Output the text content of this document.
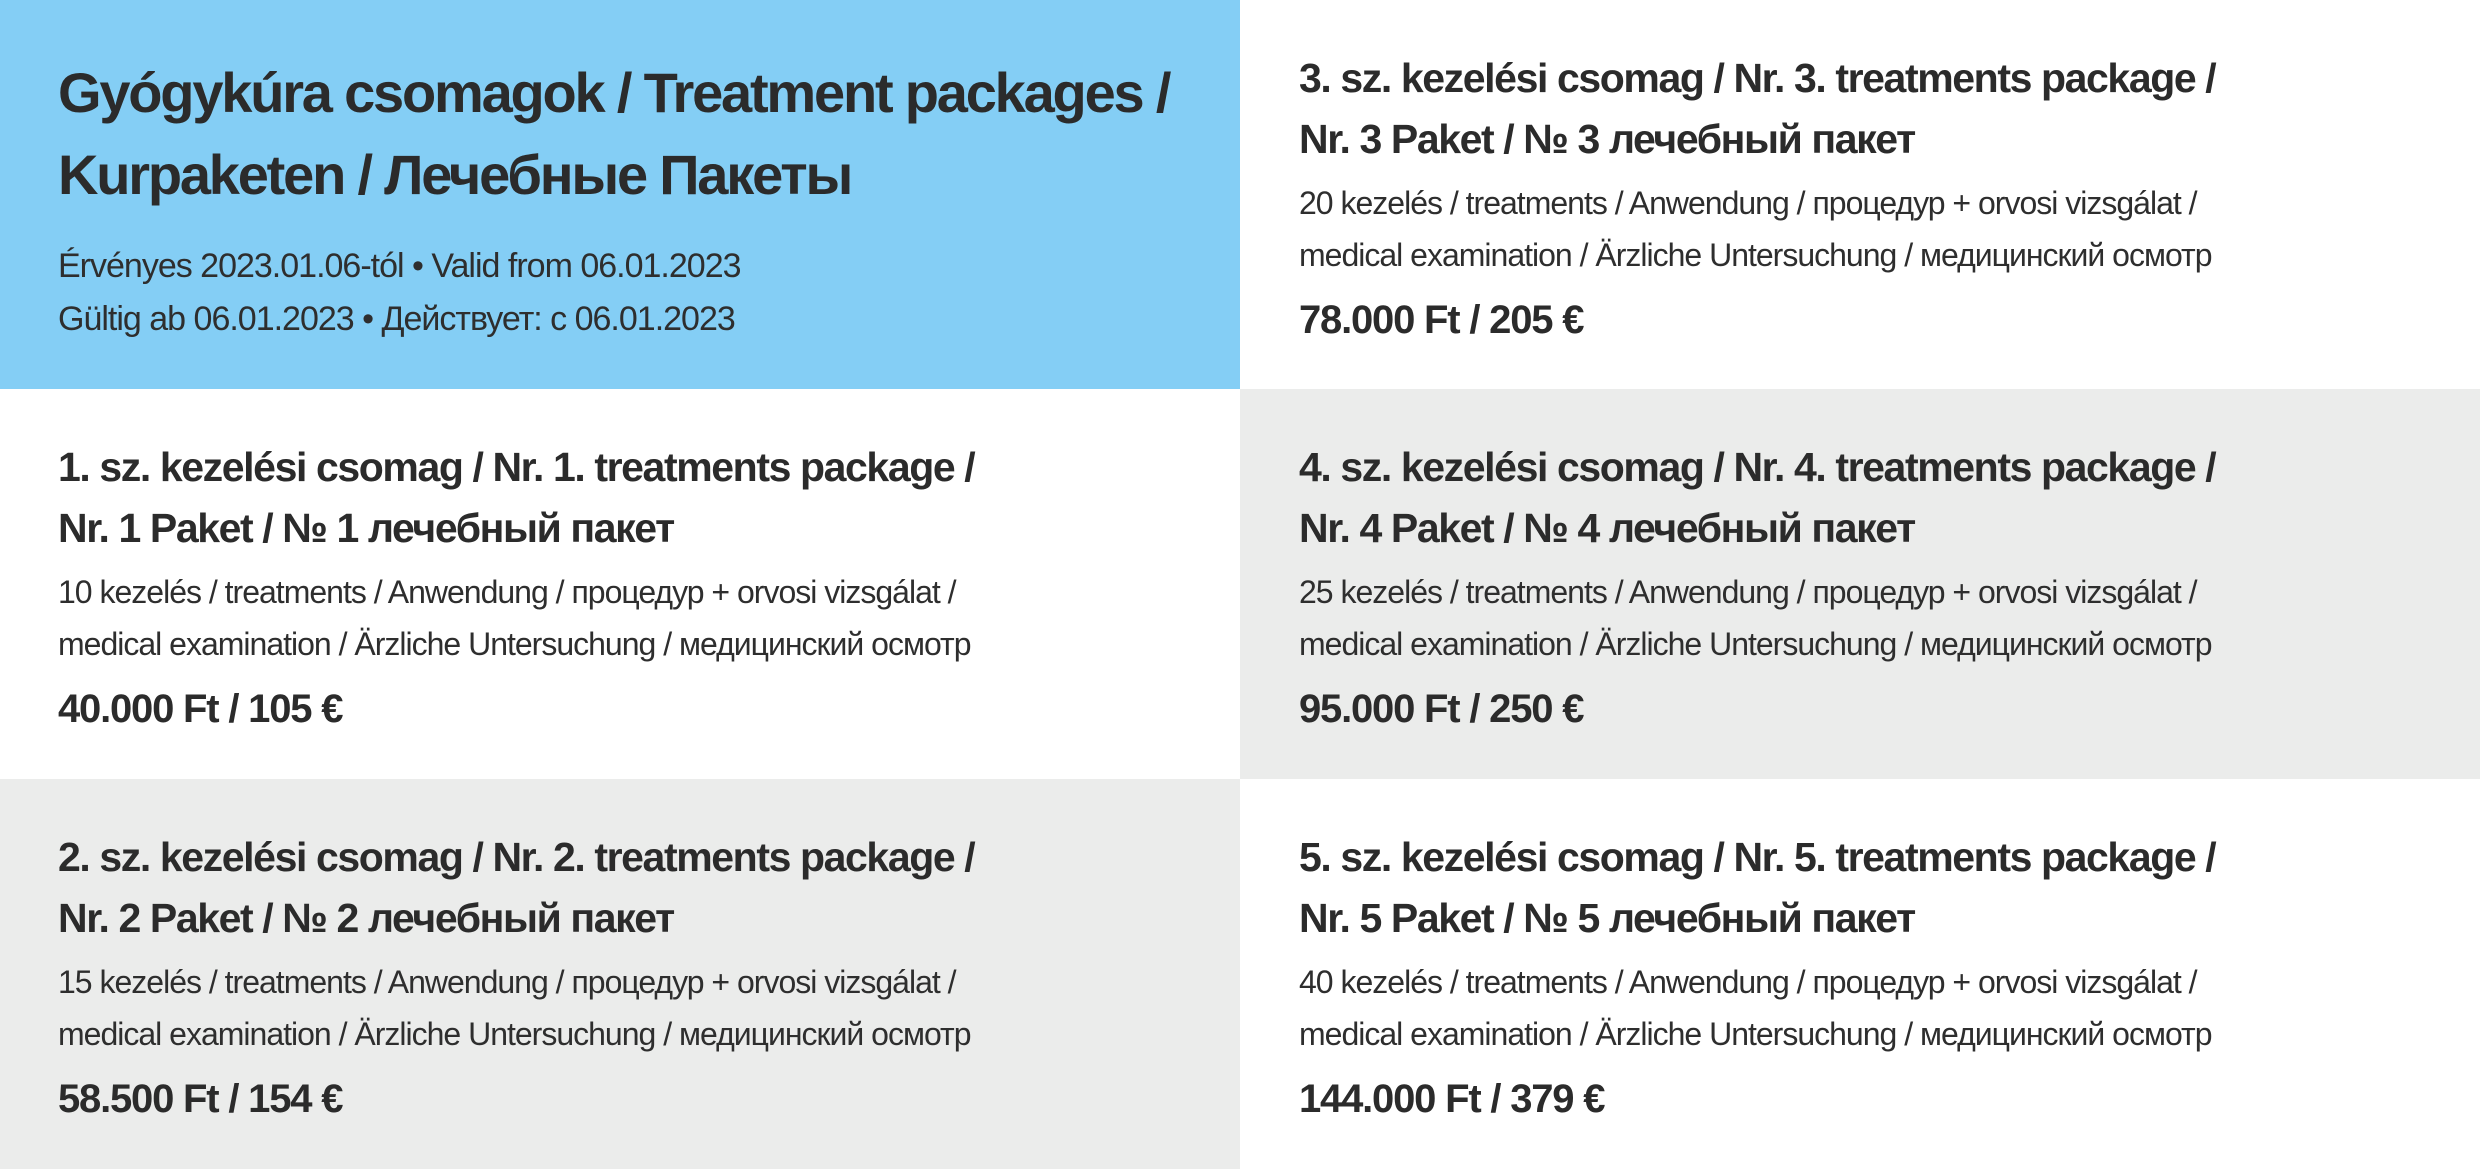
Gyógykúra csomagok / Treatment packages /
Kurpaketen / Лечебные Пакеты

Érvényes 2023.01.06-tól • Valid from 06.01.2023
Gültig ab 06.01.2023 • Действует: с 06.01.2023

3. sz. kezelési csomag / Nr. 3. treatments package /
Nr. 3 Paket / № 3 лечебный пакет

20 kezelés / treatments / Anwendung / процедур + orvosi vizsgálat /
medical examination / Ärzliche Untersuchung / медицинский осмотр

78.000 Ft / 205 €

1. sz. kezelési csomag / Nr. 1. treatments package /
Nr. 1 Paket / № 1 лечебный пакет

10 kezelés / treatments / Anwendung / процедур + orvosi vizsgálat /
medical examination / Ärzliche Untersuchung / медицинский осмотр

40.000 Ft / 105 €

4. sz. kezelési csomag / Nr. 4. treatments package /
Nr. 4 Paket / № 4 лечебный пакет

25 kezelés / treatments / Anwendung / процедур + orvosi vizsgálat /
medical examination / Ärzliche Untersuchung / медицинский осмотр

95.000 Ft / 250 €

2. sz. kezelési csomag / Nr. 2. treatments package /
Nr. 2 Paket / № 2 лечебный пакет

15 kezelés / treatments / Anwendung / процедур + orvosi vizsgálat /
medical examination / Ärzliche Untersuchung / медицинский осмотр

58.500 Ft / 154 €

5. sz. kezelési csomag / Nr. 5. treatments package /
Nr. 5 Paket / № 5 лечебный пакет

40 kezelés / treatments / Anwendung / процедур + orvosi vizsgálat /
medical examination / Ärzliche Untersuchung / медицинский осмотр

144.000 Ft / 379 €
